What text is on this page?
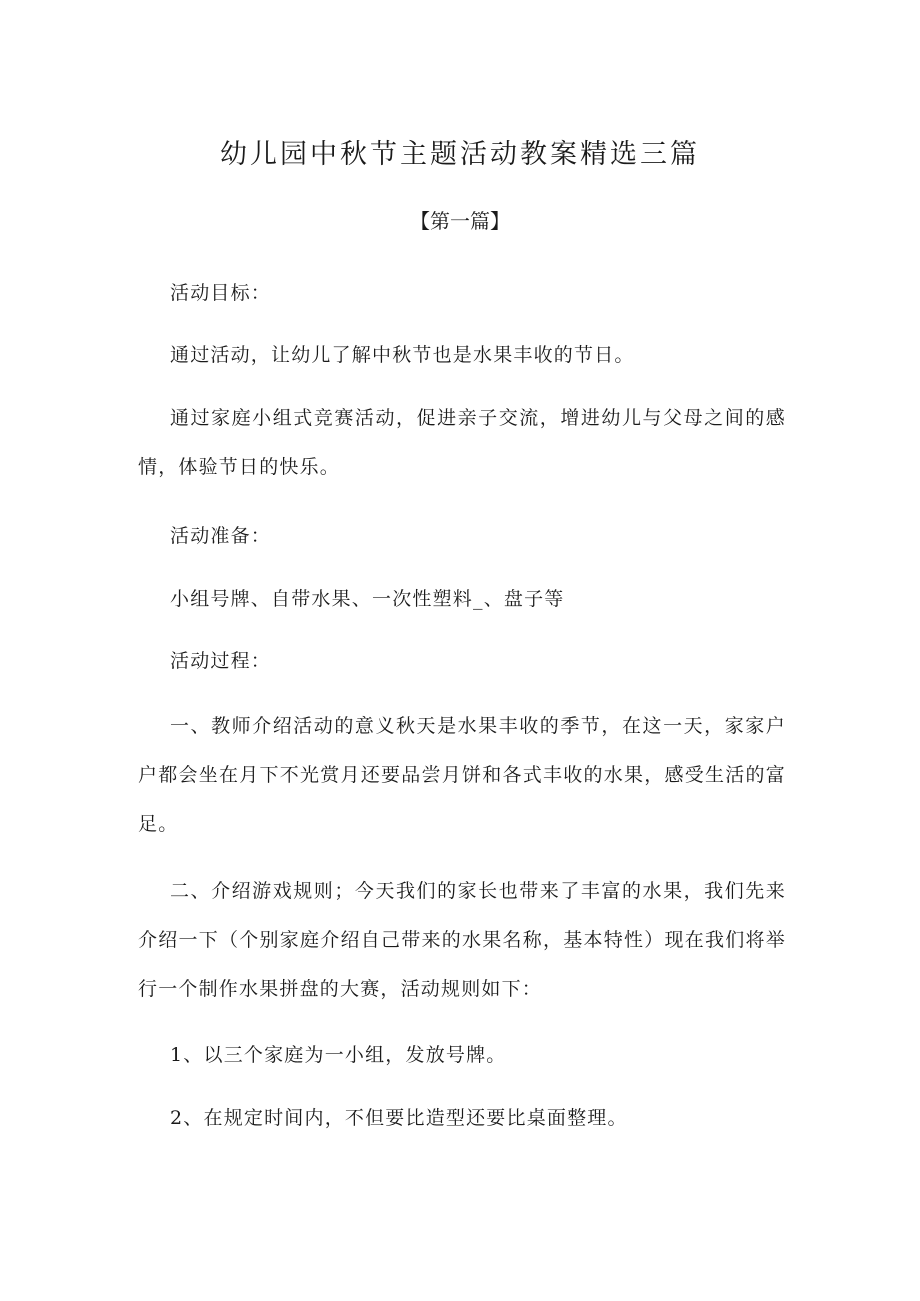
幼儿园中秋节主题活动教案精选三篇
【第一篇】

活动目标：

通过活动，让幼儿了解中秋节也是水果丰收的节日。

通过家庭小组式竞赛活动，促进亲子交流，增进幼儿与父母之间的感情，体验节日的快乐。

活动准备：

小组号牌、自带水果、一次性塑料_、盘子等

活动过程：

一、教师介绍活动的意义秋天是水果丰收的季节，在这一天，家家户户都会坐在月下不光赏月还要品尝月饼和各式丰收的水果，感受生活的富足。

二、介绍游戏规则；今天我们的家长也带来了丰富的水果，我们先来介绍一下（个别家庭介绍自己带来的水果名称，基本特性）现在我们将举行一个制作水果拼盘的大赛，活动规则如下：

1、以三个家庭为一小组，发放号牌。

2、在规定时间内，不但要比造型还要比桌面整理。
